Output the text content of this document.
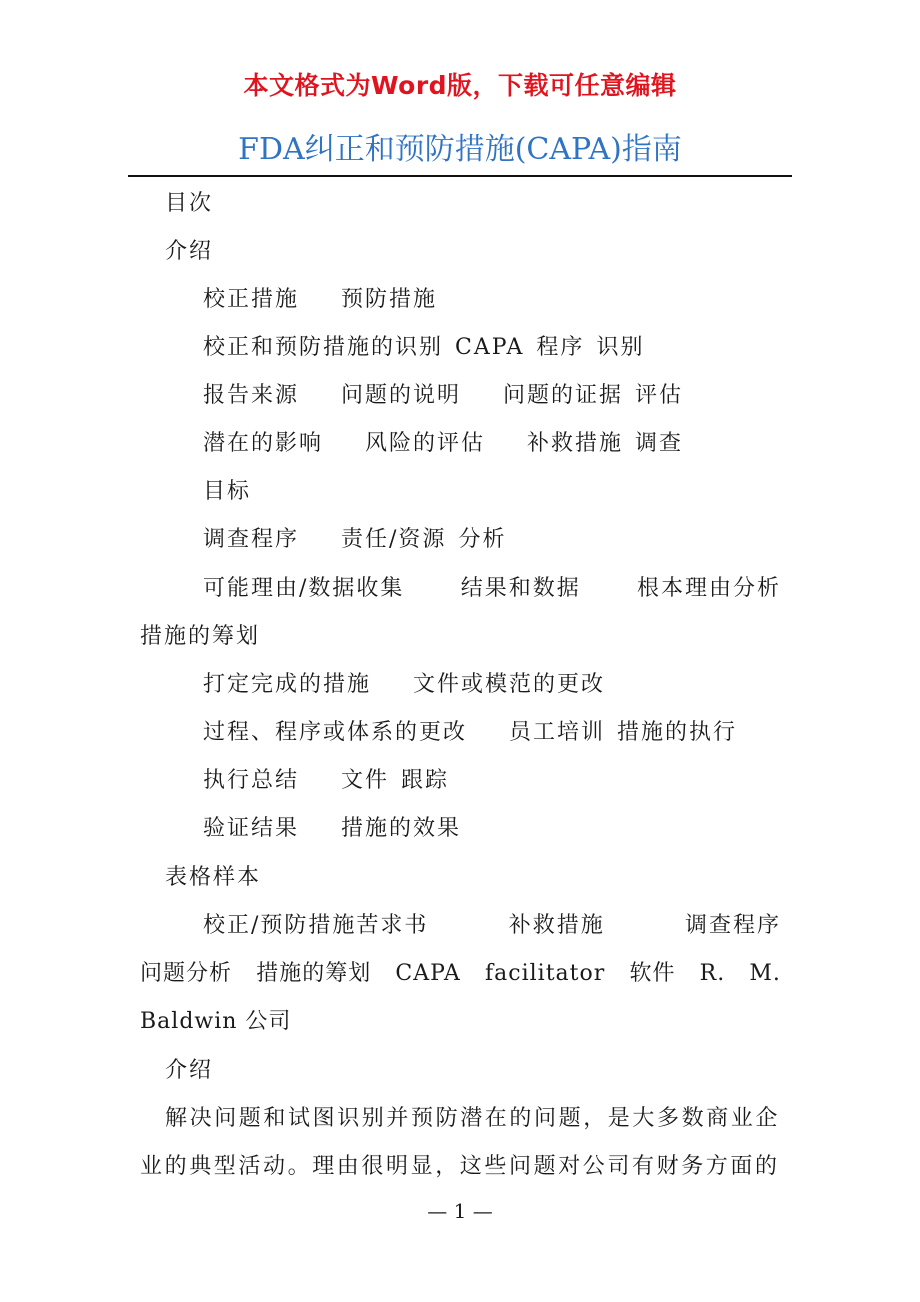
本文格式为Word版，下载可任意编辑
FDA纠正和预防措施(CAPA)指南
目次
介绍
校正措施 预防措施
校正和预防措施的识别 CAPA 程序 识别
报告来源 问题的说明 问题的证据 评估
潜在的影响 风险的评估 补救措施 调查
目标
调查程序 责任/资源 分析
可能理由/数据收集	结果和数据	根本理由分析
措施的筹划
打定完成的措施 文件或模范的更改
过程、程序或体系的更改 员工培训 措施的执行
执行总结 文件 跟踪
验证结果 措施的效果
表格样本
校正/预防措施苦求书	补救措施	调查程序
问题分析 措施的筹划 CAPA facilitator 软件 R. M.
Baldwin 公司
介绍
解决问题和试图识别并预防潜在的问题，是大多数商业企
业的典型活动。理由很明显，这些问题对公司有财务方面的
— 1 —
